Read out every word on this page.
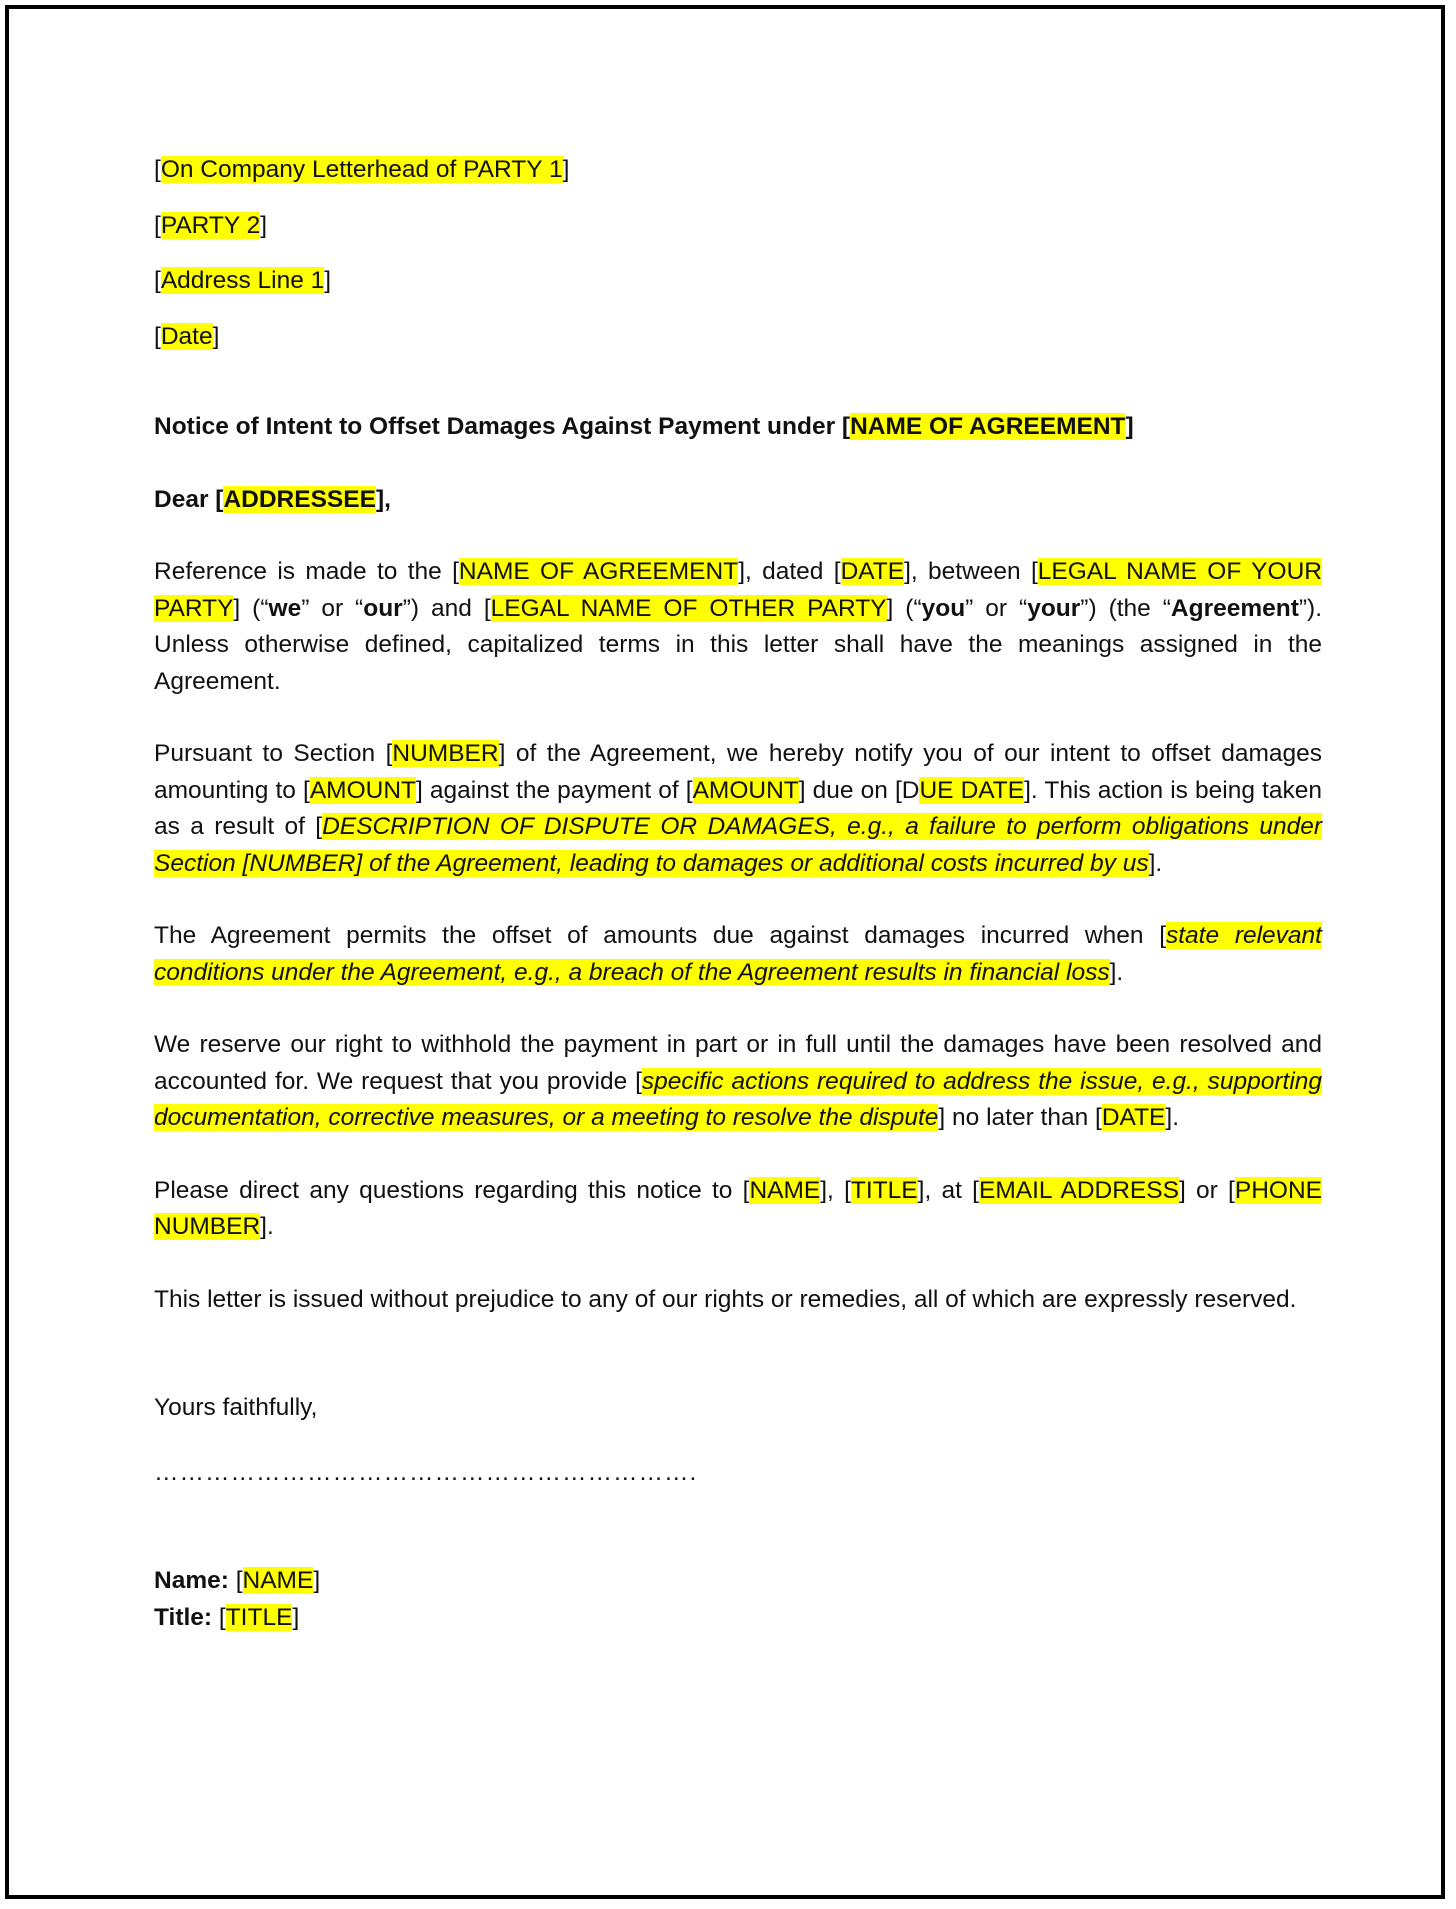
[On Company Letterhead of PARTY 1]

[PARTY 2]

[Address Line 1]

[Date]

Notice of Intent to Offset Damages Against Payment under [NAME OF AGREEMENT]
Dear [ADDRESSEE],

Reference is made to the [NAME OF AGREEMENT], dated [DATE], between [LEGAL NAME OF YOUR PARTY] (“we” or “our”) and [LEGAL NAME OF OTHER PARTY] (“you” or “your”) (the “Agreement”). Unless otherwise defined, capitalized terms in this letter shall have the meanings assigned in the Agreement.

Pursuant to Section [NUMBER] of the Agreement, we hereby notify you of our intent to offset damages amounting to [AMOUNT] against the payment of [AMOUNT] due on [DUE DATE]. This action is being taken as a result of [DESCRIPTION OF DISPUTE OR DAMAGES, e.g., a failure to perform obligations under Section [NUMBER] of the Agreement, leading to damages or additional costs incurred by us].

The Agreement permits the offset of amounts due against damages incurred when [state relevant conditions under the Agreement, e.g., a breach of the Agreement results in financial loss].

We reserve our right to withhold the payment in part or in full until the damages have been resolved and accounted for. We request that you provide [specific actions required to address the issue, e.g., supporting documentation, corrective measures, or a meeting to resolve the dispute] no later than [DATE].

Please direct any questions regarding this notice to [NAME], [TITLE], at [EMAIL ADDRESS] or [PHONE NUMBER].

This letter is issued without prejudice to any of our rights or remedies, all of which are expressly reserved.

Yours faithfully,
……………………………………………………….

Name: [NAME]

Title: [TITLE]
